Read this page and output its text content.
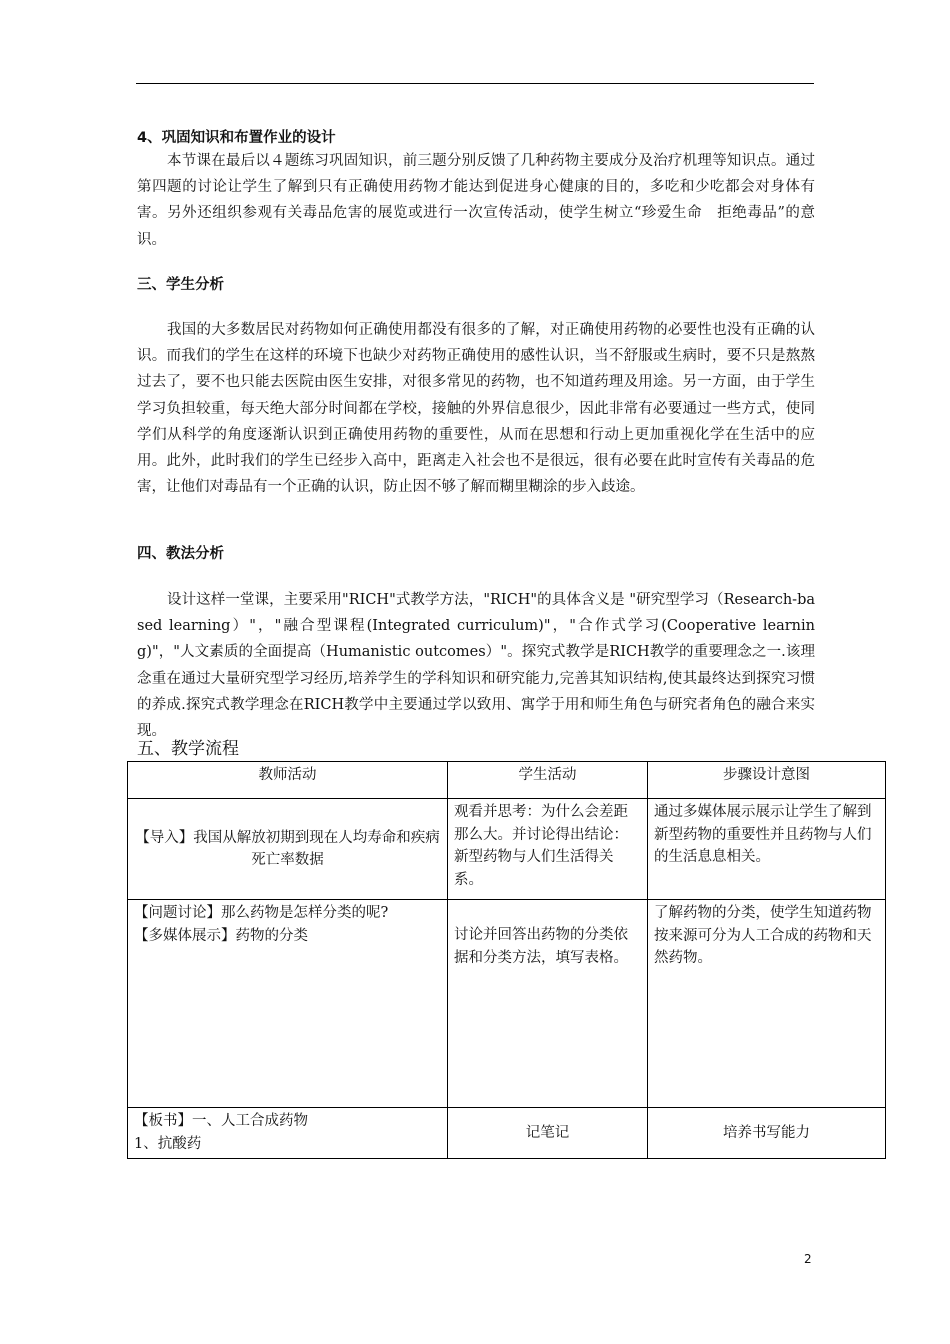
4、巩固知识和布置作业的设计
本节课在最后以４题练习巩固知识，前三题分别反馈了几种药物主要成分及治疗机理等知识点。通过第四题的讨论让学生了解到只有正确使用药物才能达到促进身心健康的目的，多吃和少吃都会对身体有害。另外还组织参观有关毒品危害的展览或进行一次宣传活动，使学生树立“珍爱生命　拒绝毒品”的意识。
三、学生分析
我国的大多数居民对药物如何正确使用都没有很多的了解，对正确使用药物的必要性也没有正确的认识。而我们的学生在这样的环境下也缺少对药物正确使用的感性认识，当不舒服或生病时，要不只是熬熬过去了，要不也只能去医院由医生安排，对很多常见的药物，也不知道药理及用途。另一方面，由于学生学习负担较重，每天绝大部分时间都在学校，接触的外界信息很少，因此非常有必要通过一些方式，使同学们从科学的角度逐渐认识到正确使用药物的重要性，从而在思想和行动上更加重视化学在生活中的应用。此外，此时我们的学生已经步入高中，距离走入社会也不是很远，很有必要在此时宣传有关毒品的危害，让他们对毒品有一个正确的认识，防止因不够了解而糊里糊涂的步入歧途。
四、教法分析
设计这样一堂课，主要采用"RICH"式教学方法，"RICH"的具体含义是 "研究型学习（Research-based learning）"，"融合型课程(Integrated curriculum)"，"合作式学习(Cooperative learning)"，"人文素质的全面提高（Humanistic outcomes）"。探究式教学是RICH教学的重要理念之一.该理念重在通过大量研究型学习经历,培养学生的学科知识和研究能力,完善其知识结构,使其最终达到探究习惯的养成.探究式教学理念在RICH教学中主要通过学以致用、寓学于用和师生角色与研究者角色的融合来实现。
五、教学流程
教师活动	学生活动	步骤设计意图
【导入】我国从解放初期到现在人均寿命和疾病死亡率数据	观看并思考：为什么会差距那么大。并讨论得出结论：新型药物与人们生活得关系。	通过多媒体展示展示让学生了解到新型药物的重要性并且药物与人们的生活息息相关。

【问题讨论】那么药物是怎样分类的呢?
【多媒体展示】药物的分类	讨论并回答出药物的分类依据和分类方法，填写表格。	了解药物的分类，使学生知道药物按来源可分为人工合成的药物和天然药物。

【板书】一、人工合成药物
1、抗酸药	记笔记	培养书写能力
2
